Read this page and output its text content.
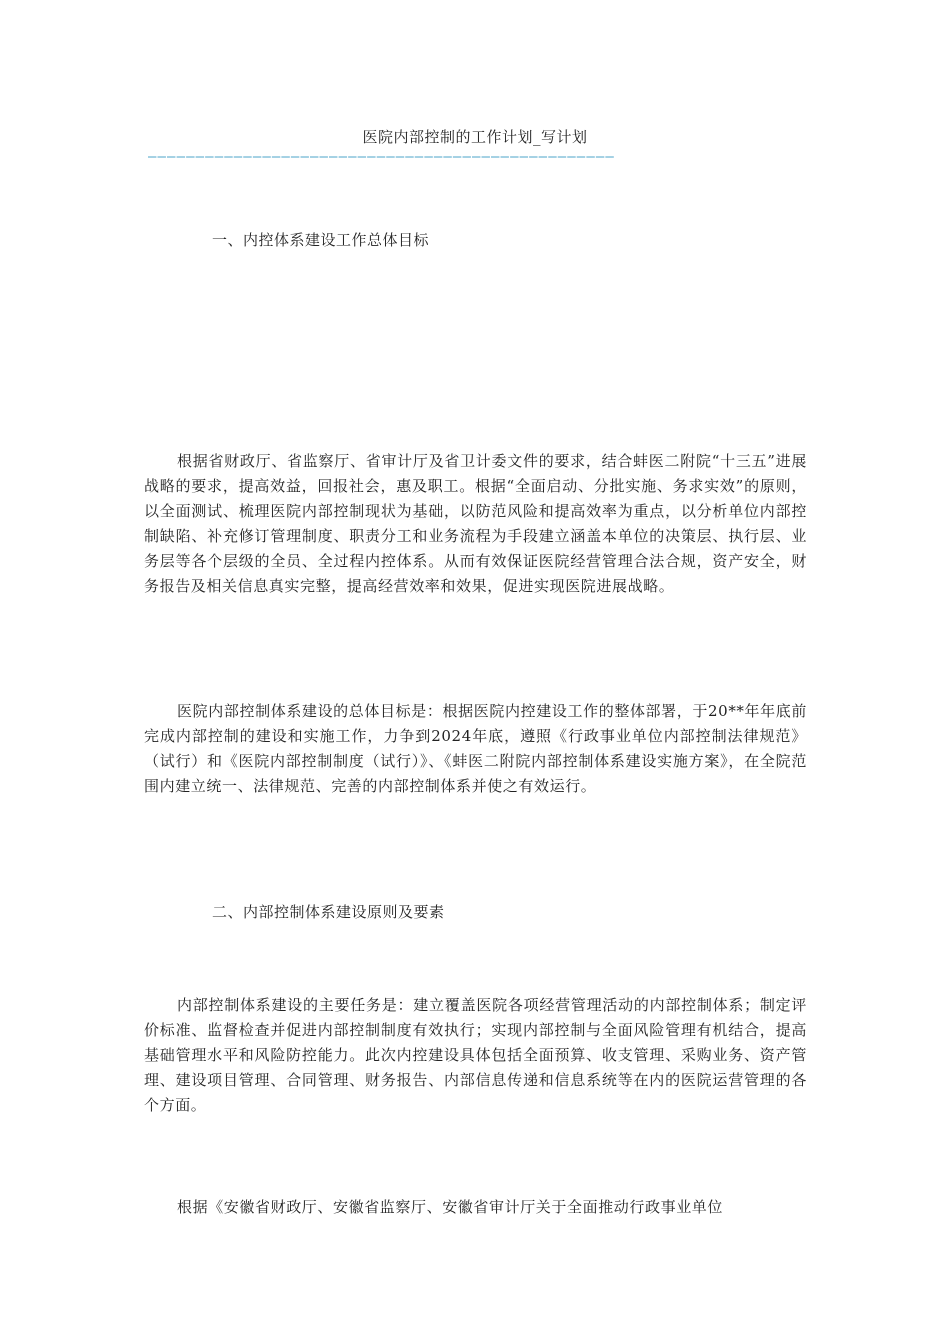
医院内部控制的工作计划_写计划
—————————————————————————————————————————————————
一、内控体系建设工作总体目标

根据省财政厅、省监察厅、省审计厅及省卫计委文件的要求，结合蚌医二附院“十三五”进展战略的要求，提高效益，回报社会，惠及职工。根据“全面启动、分批实施、务求实效”的原则，以全面测试、梳理医院内部控制现状为基础，以防范风险和提高效率为重点，以分析单位内部控制缺陷、补充修订管理制度、职责分工和业务流程为手段建立涵盖本单位的决策层、执行层、业务层等各个层级的全员、全过程内控体系。从而有效保证医院经营管理合法合规，资产安全，财务报告及相关信息真实完整，提高经营效率和效果，促进实现医院进展战略。

医院内部控制体系建设的总体目标是：根据医院内控建设工作的整体部署，于20**年年底前完成内部控制的建设和实施工作，力争到2024年底，遵照《行政事业单位内部控制法律规范》（试行）和《医院内部控制制度（试行）》、《蚌医二附院内部控制体系建设实施方案》，在全院范围内建立统一、法律规范、完善的内部控制体系并使之有效运行。

二、内部控制体系建设原则及要素

内部控制体系建设的主要任务是：建立覆盖医院各项经营管理活动的内部控制体系；制定评价标准、监督检查并促进内部控制制度有效执行；实现内部控制与全面风险管理有机结合，提高基础管理水平和风险防控能力。此次内控建设具体包括全面预算、收支管理、采购业务、资产管理、建设项目管理、合同管理、财务报告、内部信息传递和信息系统等在内的医院运营管理的各个方面。

根据《安徽省财政厅、安徽省监察厅、安徽省审计厅关于全面推动行政事业单位
